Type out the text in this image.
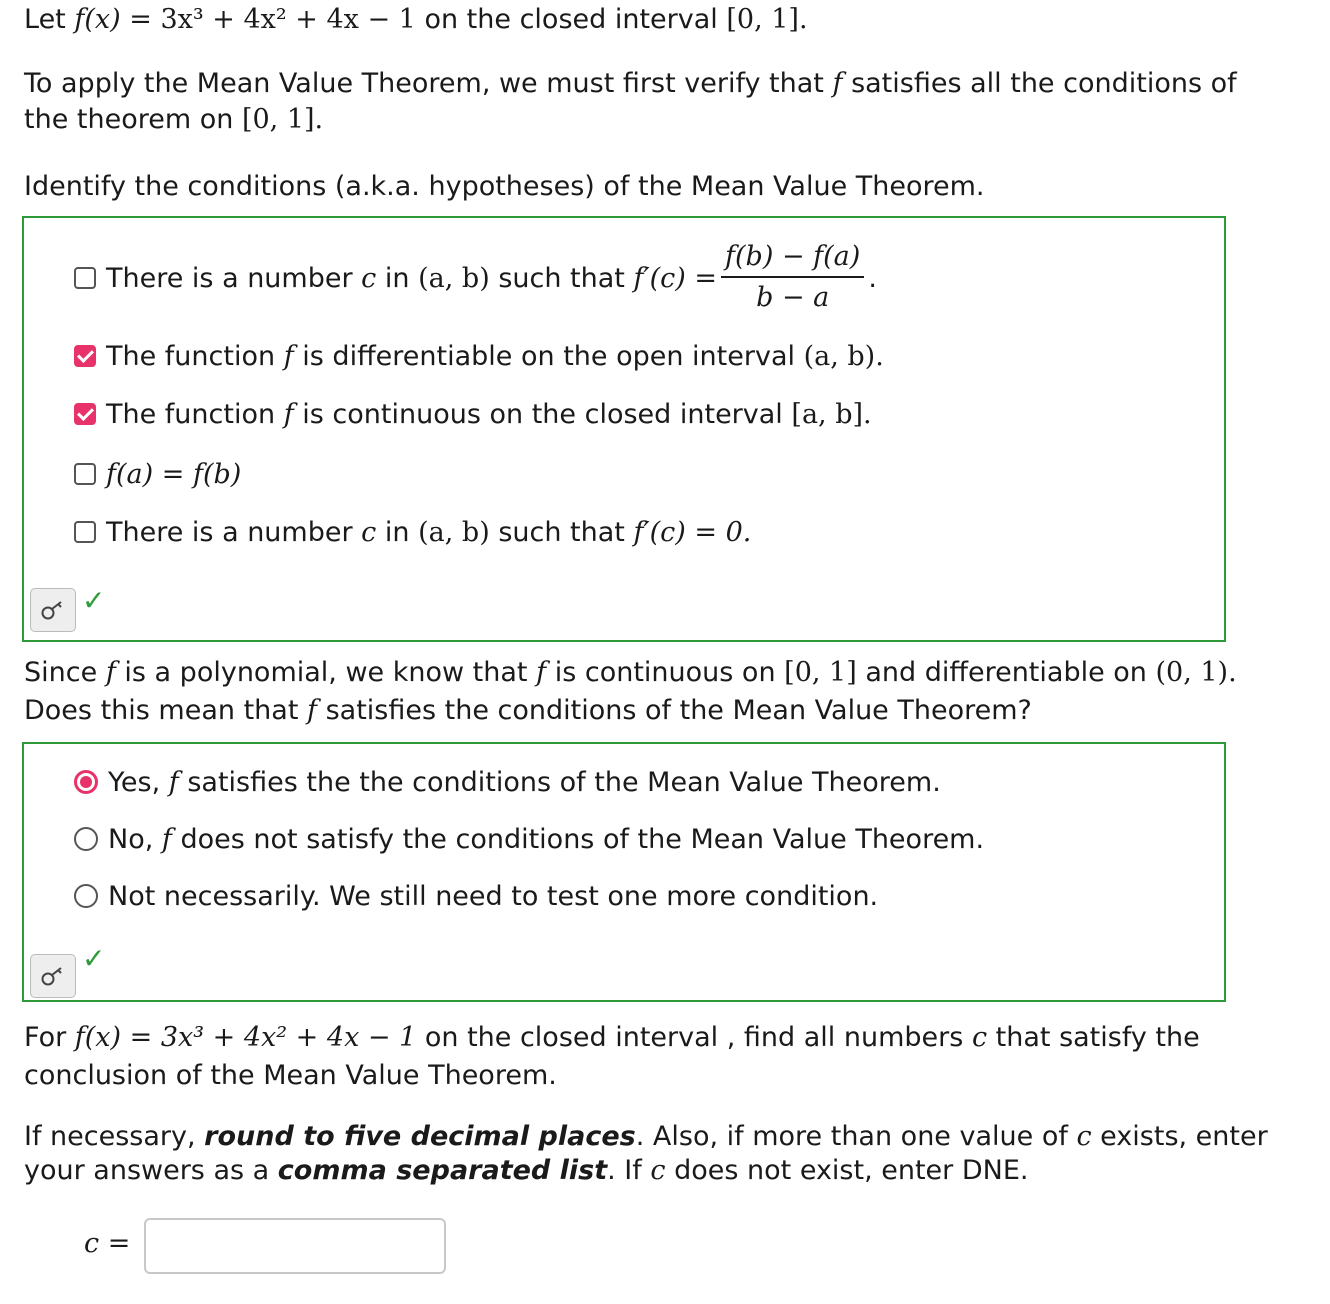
Let f(x) = 3x³ + 4x² + 4x − 1 on the closed interval [0, 1].

To apply the Mean Value Theorem, we must first verify that f satisfies all the conditions of
the theorem on [0, 1].

Identify the conditions (a.k.a. hypotheses) of the Mean Value Theorem.

There is a number
c
in
(a, b)
such that
$f'(c) = \frac{f(b) - f(a)}{b - a}$ .
The function
f
is differentiable on the open interval
(a, b).
The function
f
is continuous on the closed interval
[a, b].
f(a) = f(b)
There is a number
c
in
(a, b)
such that
f′(c) = 0.
✓

Since f is a polynomial, we know that f is continuous on [0, 1] and differentiable on (0, 1).
Does this mean that f satisfies the conditions of the Mean Value Theorem?

Yes,
f
satisfies the the conditions of the Mean Value Theorem.
No,
f
does not satisfy the conditions of the Mean Value Theorem.
Not necessarily. We still need to test one more condition.
✓

For f(x) = 3x³ + 4x² + 4x − 1 on the closed interval , find all numbers c that satisfy the
conclusion of the Mean Value Theorem.

If necessary, round to five decimal places. Also, if more than one value of c exists, enter
your answers as a comma separated list. If c does not exist, enter DNE.

c =
